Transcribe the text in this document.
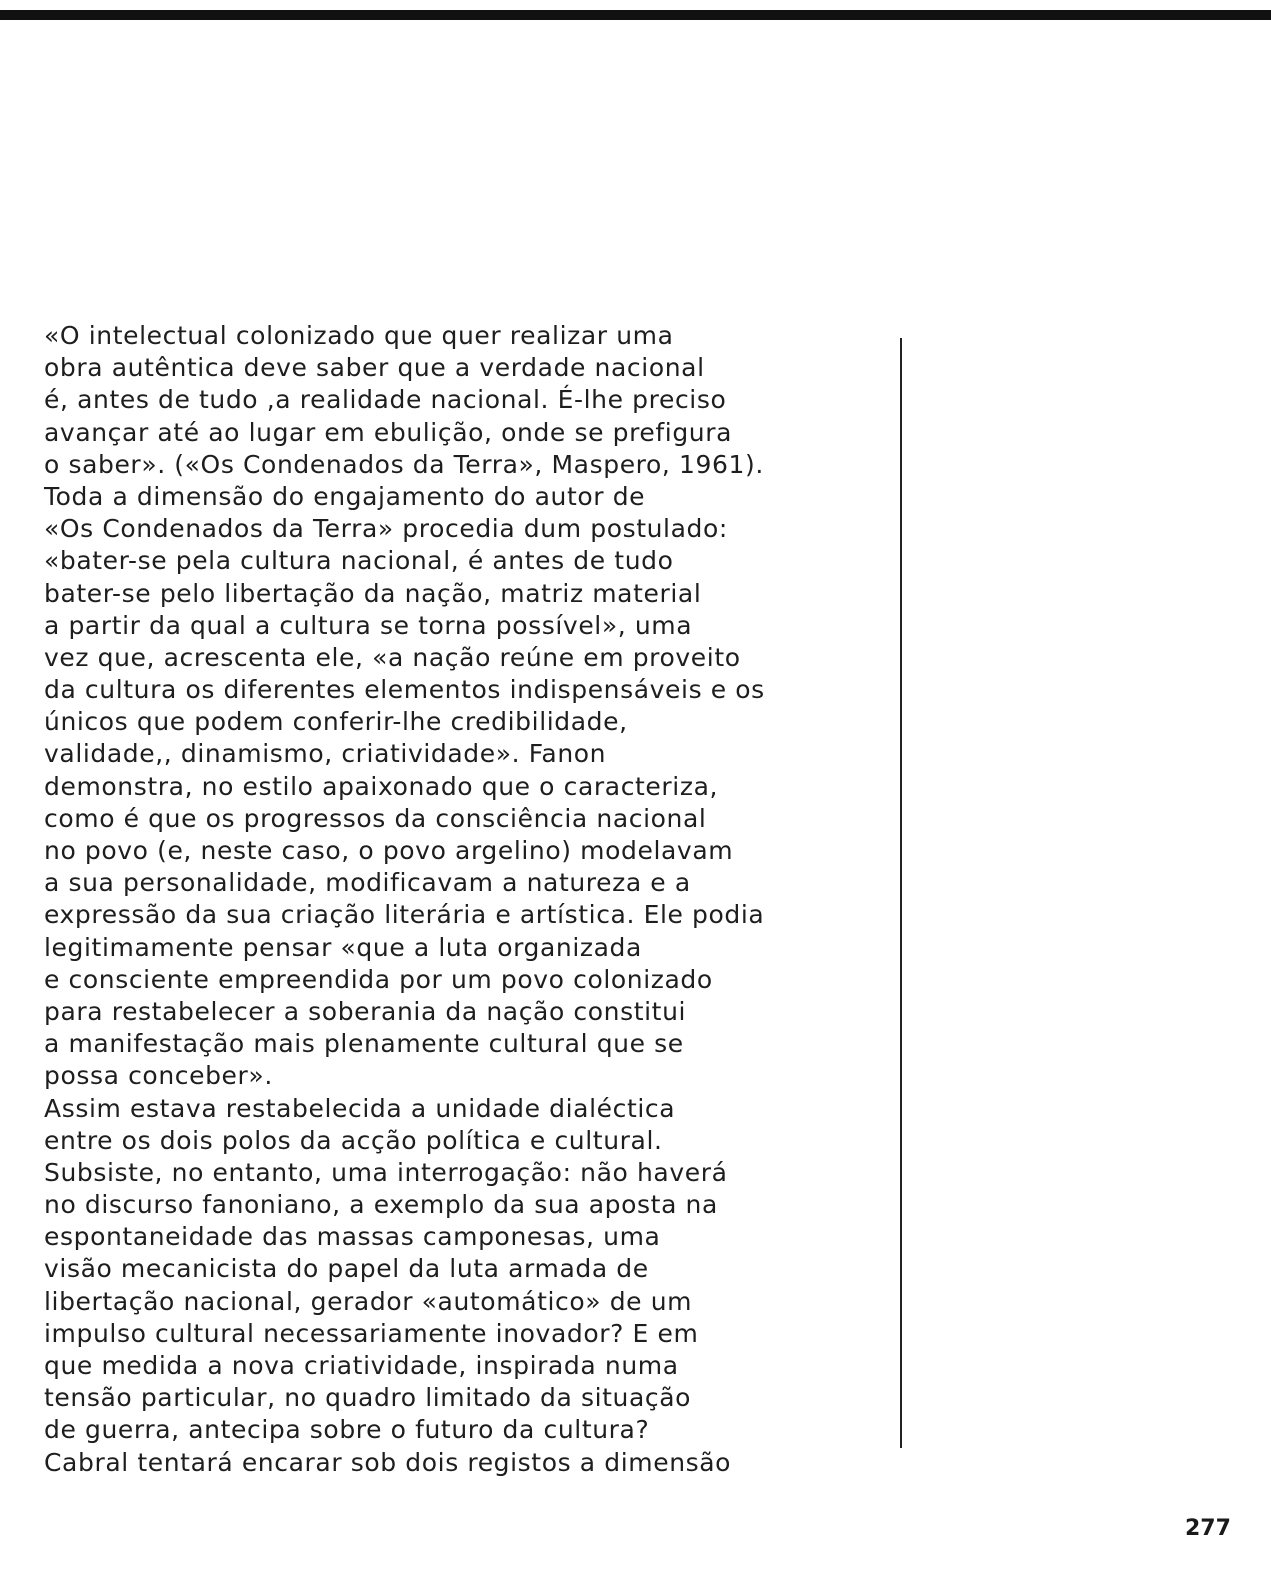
«O intelectual colonizado que quer realizar uma
obra autêntica deve saber que a verdade nacional
é, antes de tudo ,a realidade nacional. É-lhe preciso
avançar até ao lugar em ebulição, onde se prefigura
o saber». («Os Condenados da Terra», Maspero, 1961).
Toda a dimensão do engajamento do autor de
«Os Condenados da Terra» procedia dum postulado:
«bater-se pela cultura nacional, é antes de tudo
bater-se pelo libertação da nação, matriz material
a partir da qual a cultura se torna possível», uma
vez que, acrescenta ele, «a nação reúne em proveito
da cultura os diferentes elementos indispensáveis e os
únicos que podem conferir-lhe credibilidade,
validade,, dinamismo, criatividade». Fanon
demonstra, no estilo apaixonado que o caracteriza,
como é que os progressos da consciência nacional
no povo (e, neste caso, o povo argelino) modelavam
a sua personalidade, modificavam a natureza e a
expressão da sua criação literária e artística. Ele podia
legitimamente pensar «que a luta organizada
e consciente empreendida por um povo colonizado
para restabelecer a soberania da nação constitui
a manifestação mais plenamente cultural que se
possa conceber».
Assim estava restabelecida a unidade dialéctica
entre os dois polos da acção política e cultural.
Subsiste, no entanto, uma interrogação: não haverá
no discurso fanoniano, a exemplo da sua aposta na
espontaneidade das massas camponesas, uma
visão mecanicista do papel da luta armada de
libertação nacional, gerador «automático» de um
impulso cultural necessariamente inovador? E em
que medida a nova criatividade, inspirada numa
tensão particular, no quadro limitado da situação
de guerra, antecipa sobre o futuro da cultura?
Cabral tentará encarar sob dois registos a dimensão
277
